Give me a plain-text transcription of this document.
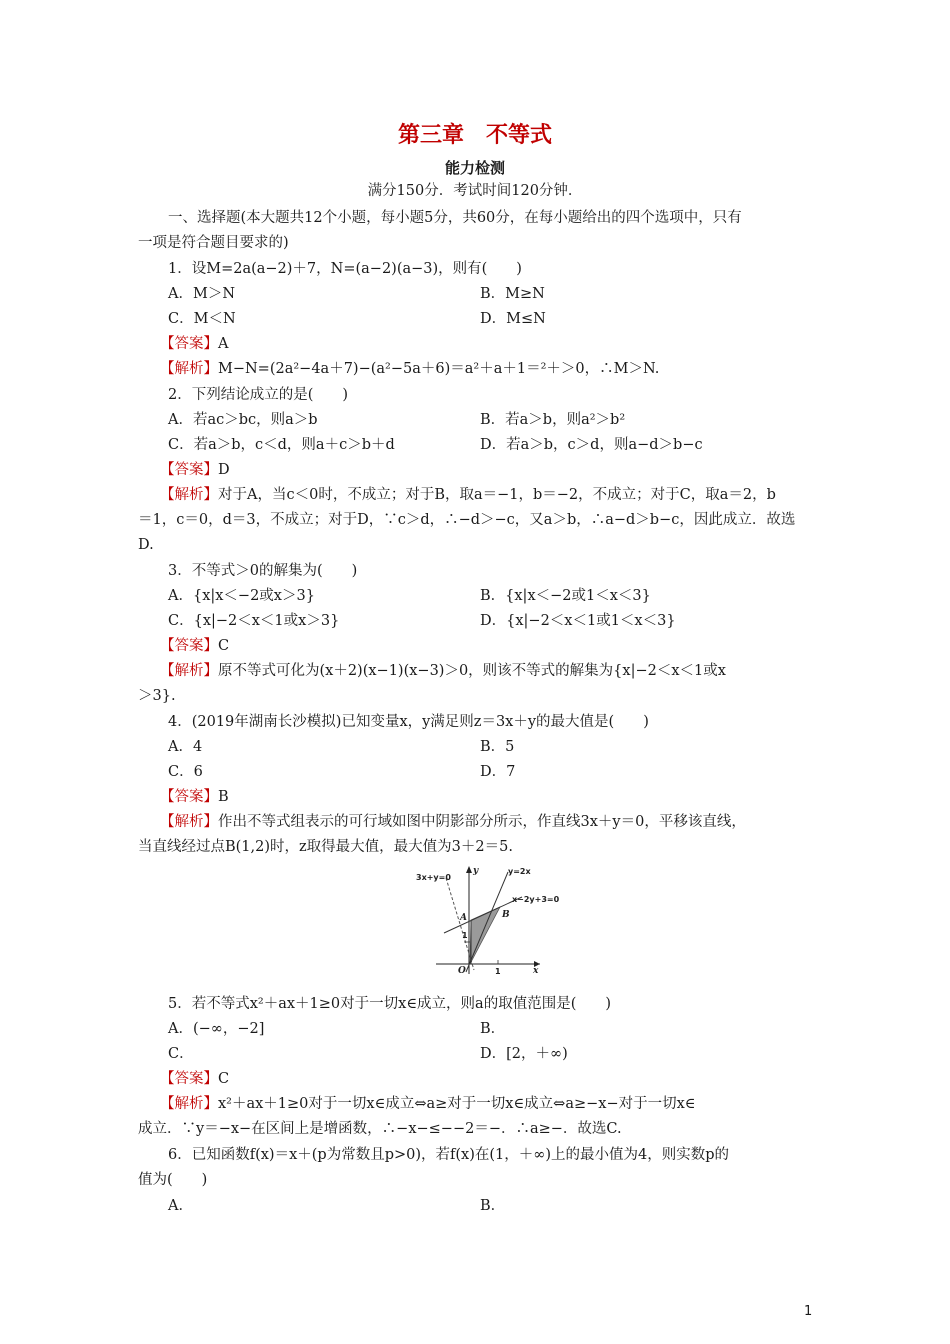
第三章　不等式
能力检测
满分150分．考试时间120分钟．
一、选择题(本大题共12个小题，每小题5分，共60分，在每小题给出的四个选项中，只有
一项是符合题目要求的)
1．设M=2a(a−2)＋7，N=(a−2)(a−3)，则有(　　)
A．M＞N	B．M≥N
C．M＜N	D．M≤N
【答案】A
【解析】M−N=(2a²−4a＋7)−(a²−5a＋6)＝a²＋a＋1＝²＋＞0，∴M＞N.
2．下列结论成立的是(　　)
A．若ac＞bc，则a＞b	B．若a＞b，则a²＞b²
C．若a＞b，c＜d，则a＋c＞b＋d	D．若a＞b，c＞d，则a−d＞b−c
【答案】D
【解析】对于A，当c＜0时，不成立；对于B，取a＝−1，b＝−2，不成立；对于C，取a＝2，b
＝1，c＝0，d＝3，不成立；对于D，∵c＞d，∴−d＞−c，又a＞b，∴a−d＞b−c，因此成立．故选
D.
3．不等式＞0的解集为(　　)
A．{x|x＜−2或x＞3}	B．{x|x＜−2或1＜x＜3}
C．{x|−2＜x＜1或x＞3}	D．{x|−2＜x＜1或1＜x＜3}
【答案】C
【解析】原不等式可化为(x＋2)(x−1)(x−3)＞0，则该不等式的解集为{x|−2＜x＜1或x
＞3}.
4．(2019年湖南长沙模拟)已知变量x，y满足则z＝3x＋y的最大值是(　　)
A．4	B．5
C．6	D．7
【答案】B
【解析】作出不等式组表示的可行域如图中阴影部分所示，作直线3x＋y＝0，平移该直线，
当直线经过点B(1,2)时，z取得最大值，最大值为3＋2＝5.
3x+y=0
y=2x
x−2y+3=0
A	B
O
1
1	x
y
5．若不等式x²＋ax＋1≥0对于一切x∈成立，则a的取值范围是(　　)
A．(−∞，−2]	B．
C．	D．[2，＋∞)
【答案】C
【解析】x²＋ax＋1≥0对于一切x∈成立⇔a≥对于一切x∈成立⇔a≥−x−对于一切x∈
成立．∵y＝−x−在区间上是增函数，∴−x−≤−−2＝−．∴a≥−．故选C.
6．已知函数f(x)＝x＋(p为常数且p>0)，若f(x)在(1，＋∞)上的最小值为4，则实数p的
值为(　　)
A．	B．
1
